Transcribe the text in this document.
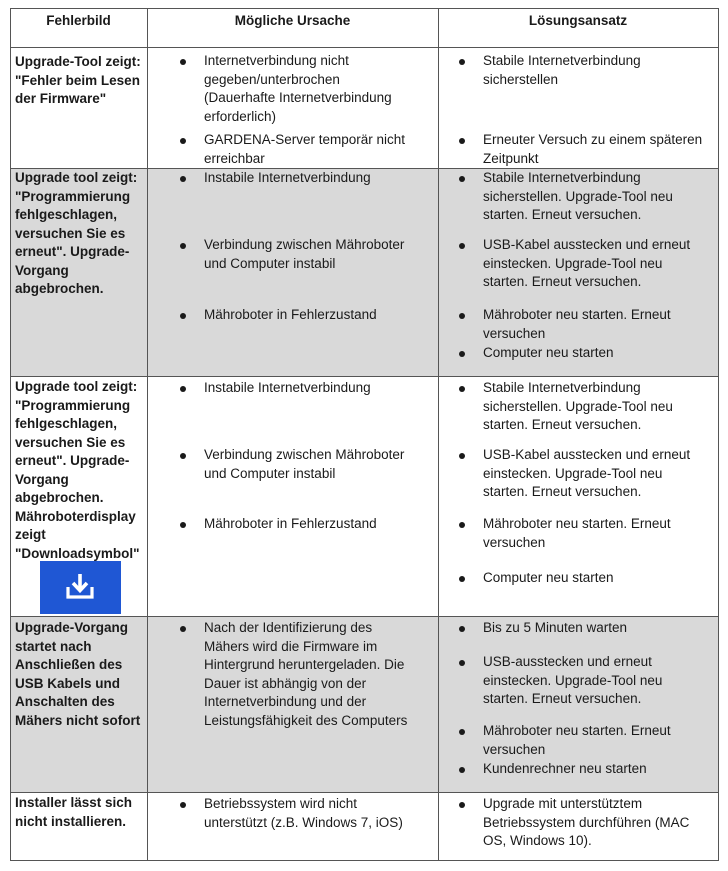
Fehlerbild	Mögliche Ursache	Lösungsansatz
Upgrade-Tool zeigt:
"Fehler beim Lesen
der Firmware"
Internetverbindung nicht
gegeben/unterbrochen
(Dauerhafte Internetverbindung
erforderlich)
GARDENA-Server temporär nicht
erreichbar
Stabile Internetverbindung
sicherstellen
Erneuter Versuch zu einem späteren
Zeitpunkt
Upgrade tool zeigt:
"Programmierung
fehlgeschlagen,
versuchen Sie es
erneut". Upgrade-
Vorgang
abgebrochen.
Instabile Internetverbindung
Verbindung zwischen Mähroboter
und Computer instabil
Mähroboter in Fehlerzustand
Stabile Internetverbindung
sicherstellen. Upgrade-Tool neu
starten. Erneut versuchen.
USB-Kabel ausstecken und erneut
einstecken. Upgrade-Tool neu
starten. Erneut versuchen.
Mähroboter neu starten. Erneut
versuchen
Computer neu starten
Upgrade tool zeigt:
"Programmierung
fehlgeschlagen,
versuchen Sie es
erneut". Upgrade-
Vorgang
abgebrochen.
Mähroboterdisplay
zeigt
"Downloadsymbol"
Instabile Internetverbindung
Verbindung zwischen Mähroboter
und Computer instabil
Mähroboter in Fehlerzustand
Stabile Internetverbindung
sicherstellen. Upgrade-Tool neu
starten. Erneut versuchen.
USB-Kabel ausstecken und erneut
einstecken. Upgrade-Tool neu
starten. Erneut versuchen.
Mähroboter neu starten. Erneut
versuchen
Computer neu starten
Upgrade-Vorgang
startet nach
Anschließen des
USB Kabels und
Anschalten des
Mähers nicht sofort
Nach der Identifizierung des
Mähers wird die Firmware im
Hintergrund heruntergeladen. Die
Dauer ist abhängig von der
Internetverbindung und der
Leistungsfähigkeit des Computers
Bis zu 5 Minuten warten
USB-ausstecken und erneut
einstecken. Upgrade-Tool neu
starten. Erneut versuchen.
Mähroboter neu starten. Erneut
versuchen
Kundenrechner neu starten
Installer lässt sich
nicht installieren.
Betriebssystem wird nicht
unterstützt (z.B. Windows 7, iOS)
Upgrade mit unterstütztem
Betriebssystem durchführen (MAC
OS, Windows 10).
